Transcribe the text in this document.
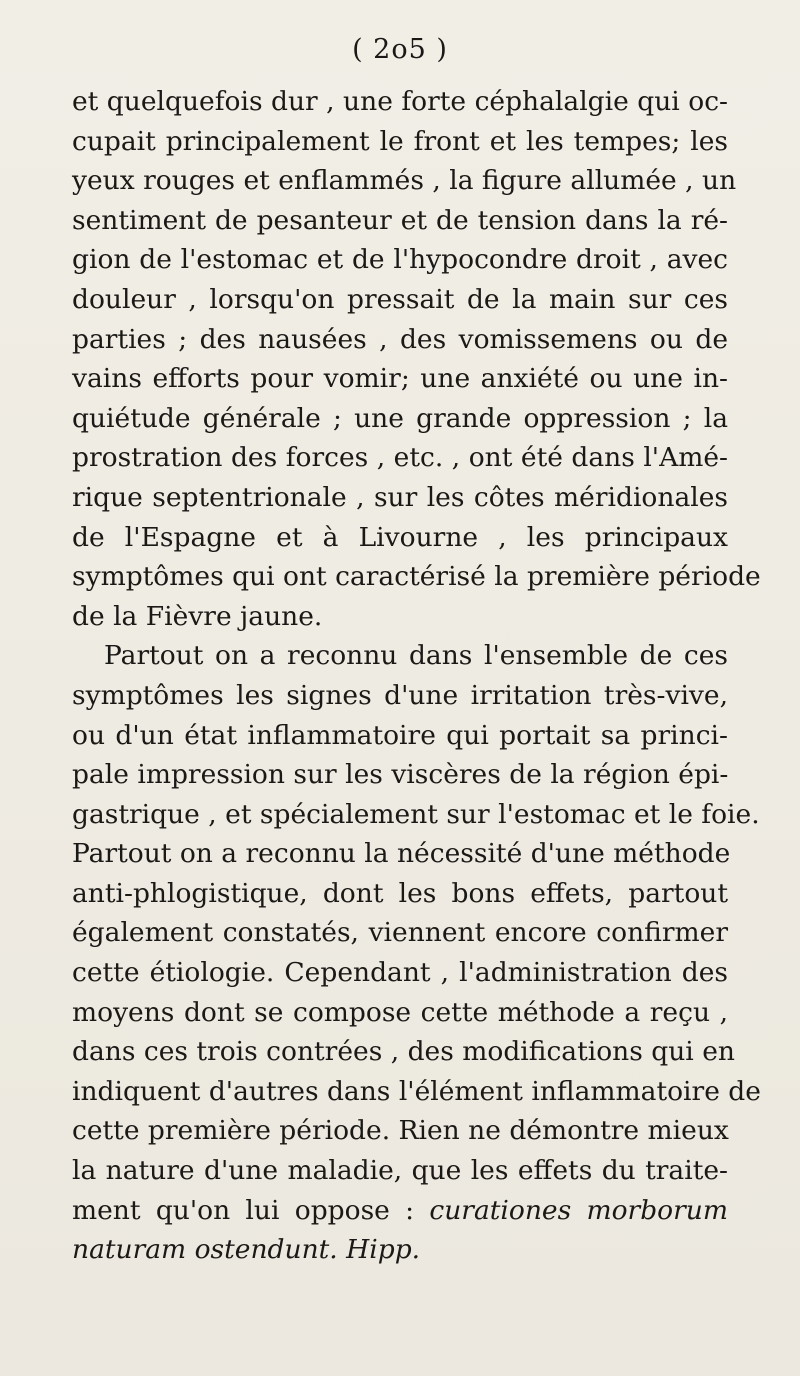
( 2o5 )
et quelquefois dur , une forte céphalalgie qui oc-
cupait principalement le front et les tempes; les
yeux rouges et enflammés , la figure allumée , un
sentiment de pesanteur et de tension dans la ré-
gion de l'estomac et de l'hypocondre droit , avec
douleur , lorsqu'on pressait de la main sur ces
parties ; des nausées , des vomissemens ou de
vains efforts pour vomir; une anxiété ou une in-
quiétude générale ; une grande oppression ; la
prostration des forces , etc. , ont été dans l'Amé-
rique septentrionale , sur les côtes méridionales
de l'Espagne et à Livourne , les principaux
symptômes qui ont caractérisé la première période
de la Fièvre jaune.
Partout on a reconnu dans l'ensemble de ces
symptômes les signes d'une irritation très-vive,
ou d'un état inflammatoire qui portait sa princi-
pale impression sur les viscères de la région épi-
gastrique , et spécialement sur l'estomac et le foie.
Partout on a reconnu la nécessité d'une méthode
anti-phlogistique, dont les bons effets, partout
également constatés, viennent encore confirmer
cette étiologie. Cependant , l'administration des
moyens dont se compose cette méthode a reçu ,
dans ces trois contrées , des modifications qui en
indiquent d'autres dans l'élément inflammatoire de
cette première période. Rien ne démontre mieux
la nature d'une maladie, que les effets du traite-
ment qu'on lui oppose : curationes morborum
naturam ostendunt. Hipp.
